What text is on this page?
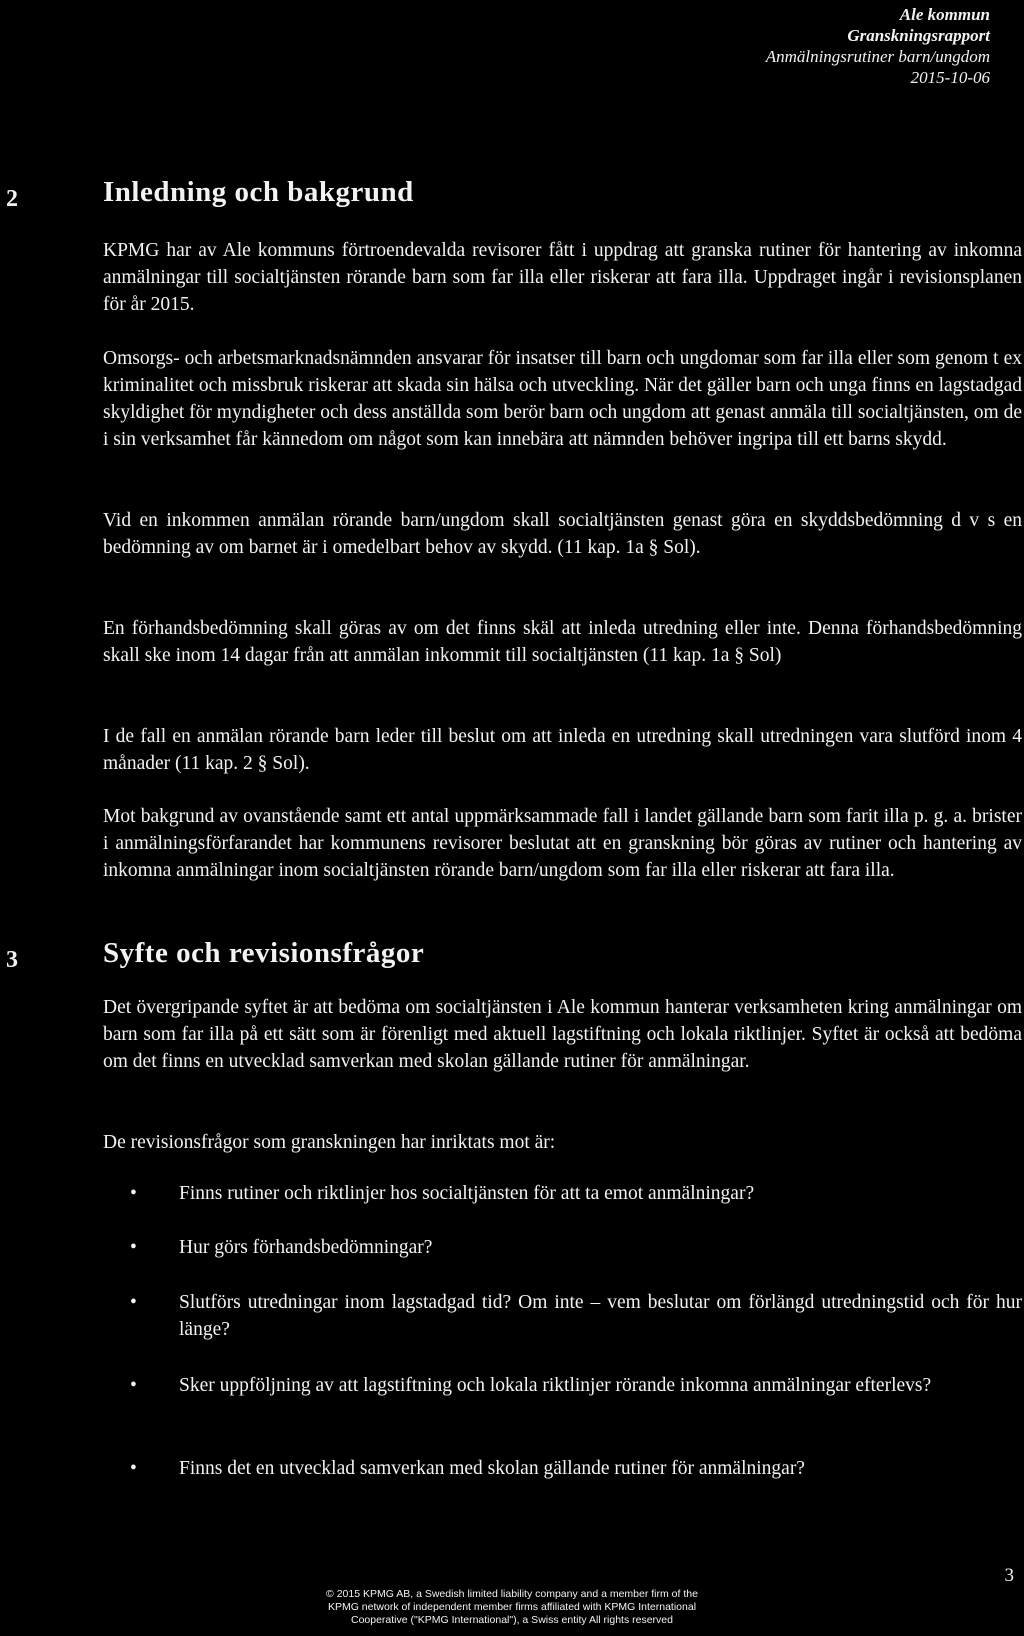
Ale kommun
Granskningsrapport
Anmälningsrutiner barn/ungdom
2015-10-06
2	Inledning och bakgrund

KPMG har av Ale kommuns förtroendevalda revisorer fått i uppdrag att granska rutiner för hantering av inkomna anmälningar till socialtjänsten rörande barn som far illa eller riskerar att fara illa. Uppdraget ingår i revisionsplanen för år 2015.

Omsorgs- och arbetsmarknadsnämnden ansvarar för insatser till barn och ungdomar som far illa eller som genom t ex kriminalitet och missbruk riskerar att skada sin hälsa och utveckling. När det gäller barn och unga finns en lagstadgad skyldighet för myndigheter och dess anställda som berör barn och ungdom att genast anmäla till socialtjänsten, om de i sin verksamhet får kännedom om något som kan innebära att nämnden behöver ingripa till ett barns skydd.

Vid en inkommen anmälan rörande barn/ungdom skall socialtjänsten genast göra en skyddsbedömning d v s en bedömning av om barnet är i omedelbart behov av skydd. (11 kap. 1a § Sol).

En förhandsbedömning skall göras av om det finns skäl att inleda utredning eller inte. Denna förhandsbedömning skall ske inom 14 dagar från att anmälan inkommit till socialtjänsten (11 kap. 1a § Sol)

I de fall en anmälan rörande barn leder till beslut om att inleda en utredning skall utredningen vara slutförd inom 4 månader (11 kap. 2 § Sol).

Mot bakgrund av ovanstående samt ett antal uppmärksammade fall i landet gällande barn som farit illa p. g. a. brister i anmälningsförfarandet har kommunens revisorer beslutat att en granskning bör göras av rutiner och hantering av inkomna anmälningar inom socialtjänsten rörande barn/ungdom som far illa eller riskerar att fara illa.

3	Syfte och revisionsfrågor

Det övergripande syftet är att bedöma om socialtjänsten i Ale kommun hanterar verksamheten kring anmälningar om barn som far illa på ett sätt som är förenligt med aktuell lagstiftning och lokala riktlinjer. Syftet är också att bedöma om det finns en utvecklad samverkan med skolan gällande rutiner för anmälningar.

De revisionsfrågor som granskningen har inriktats mot är:

• Finns rutiner och riktlinjer hos socialtjänsten för att ta emot anmälningar?
• Hur görs förhandsbedömningar?
• Slutförs utredningar inom lagstadgad tid? Om inte – vem beslutar om förlängd utredningstid och för hur länge?
• Sker uppföljning av att lagstiftning och lokala riktlinjer rörande inkomna anmälningar efterlevs?
• Finns det en utvecklad samverkan med skolan gällande rutiner för anmälningar?
3
© 2015 KPMG AB, a Swedish limited liability company and a member firm of the
KPMG network of independent member firms affiliated with KPMG International
Cooperative ("KPMG International"), a Swiss entity All rights reserved
